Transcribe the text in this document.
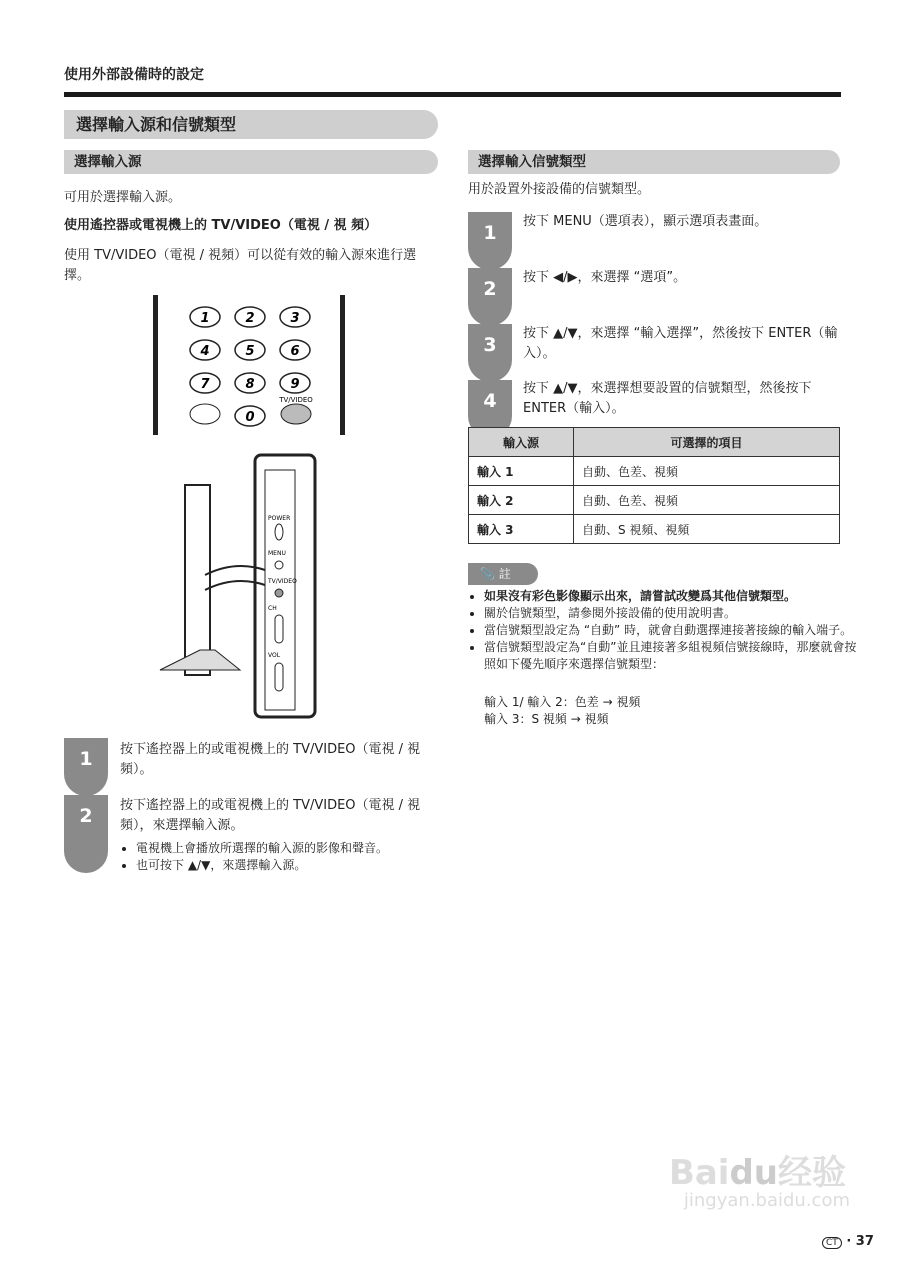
使用外部設備時的設定
選擇輸入源和信號類型
選擇輸入源
可用於選擇輸入源。
使用遙控器或電視機上的 TV/VIDEO（電視 / 視 頻）
使用 TV/VIDEO（電視 / 視頻）可以從有效的輸入源來進行選擇。
1	2	3
4	5	6
7	8	9
0
TV/VIDEO
POWER
MENU
TV/VIDEO
CH
VOL
1	按下遙控器上的或電視機上的 TV/VIDEO（電視 / 視頻）。
2	按下遙控器上的或電視機上的 TV/VIDEO（電視 / 視頻），來選擇輸入源。
• 電視機上會播放所選擇的輸入源的影像和聲音。
• 也可按下 ▲/▼，來選擇輸入源。
選擇輸入信號類型
用於設置外接設備的信號類型。
1
按下 MENU（選項表），顯示選項表畫面。
2
按下 ◀/▶，來選擇 “選項”。
3
按下 ▲/▼，來選擇 “輸入選擇”，然後按下 ENTER（輸入）。
4
按下 ▲/▼，來選擇想要設置的信號類型，然後按下 ENTER（輸入）。
輸入源	可選擇的項目
輸入 1	自動、色差、視頻
輸入 2	自動、色差、視頻
輸入 3	自動、S 視頻、視頻
📎 註
• 如果沒有彩色影像顯示出來，請嘗試改變爲其他信號類型。
• 關於信號類型，請參閱外接設備的使用說明書。
• 當信號類型設定為 “自動” 時，就會自動選擇連接著接線的輸入端子。
• 當信號類型設定為“自動”並且連接著多組視頻信號接線時，那麼就會按照如下優先順序來選擇信號類型：
輸入 1/ 輸入 2：色差 → 視頻
輸入 3：S 視頻 → 視頻
Baidu经验
jingyan.baidu.com
CT · 37
